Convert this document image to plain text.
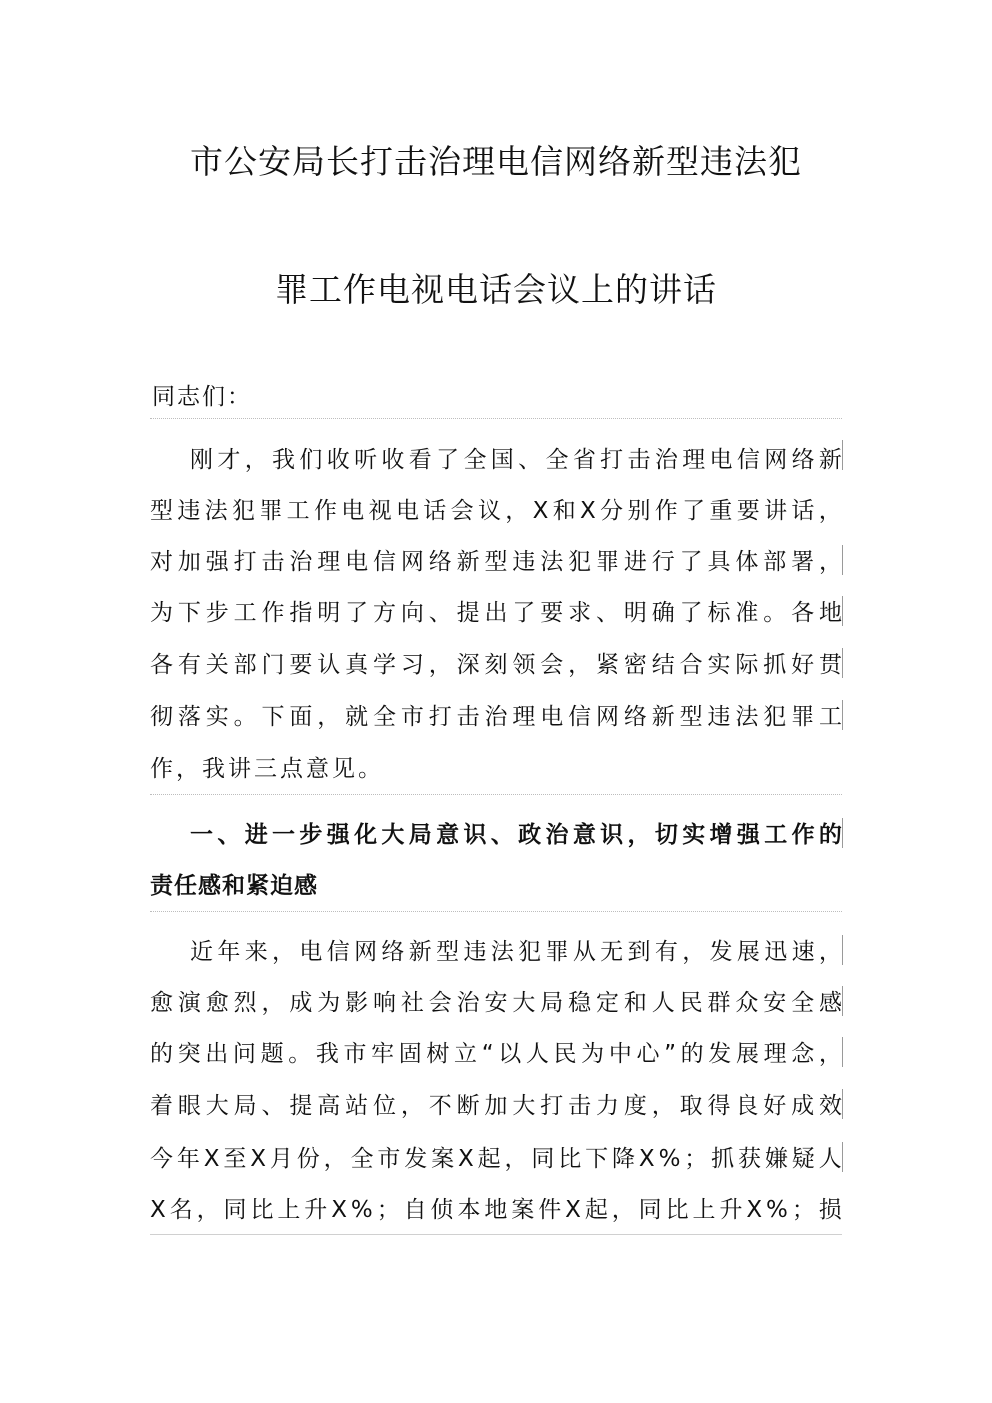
市公安局长打击治理电信网络新型违法犯
罪工作电视电话会议上的讲话
同志们：
刚 才 ， 我 们 收 听 收 看 了 全 国 、 全 省 打 击 治 理 电 信 网 络 新
型 违 法 犯 罪 工 作 电 视 电 话 会 议 ， X 和 X 分 别 作 了 重 要 讲 话 ，
对 加 强 打 击 治 理 电 信 网 络 新 型 违 法 犯 罪 进 行 了 具 体 部 署 ，
为 下 步 工 作 指 明 了 方 向 、 提 出 了 要 求 、 明 确 了 标 准 。 各 地
各 有 关 部 门 要 认 真 学 习 ， 深 刻 领 会 ， 紧 密 结 合 实 际 抓 好 贯
彻 落 实 。 下 面 ， 就 全 市 打 击 治 理 电 信 网 络 新 型 违 法 犯 罪 工
作，我讲三点意见。
一 、 进 一 步 强 化 大 局 意 识 、 政 治 意 识 ， 切 实 增 强 工 作 的
责任感和紧迫感
近 年 来 ， 电 信 网 络 新 型 违 法 犯 罪 从 无 到 有 ， 发 展 迅 速 ，
愈 演 愈 烈 ， 成 为 影 响 社 会 治 安 大 局 稳 定 和 人 民 群 众 安 全 感
的 突 出 问 题 。 我 市 牢 固 树 立 “ 以 人 民 为 中 心 ” 的 发 展 理 念 ，
着 眼 大 局 、 提 高 站 位 ， 不 断 加 大 打 击 力 度 ， 取 得 良 好 成 效
今 年 X 至 X 月 份 ， 全 市 发 案 X 起 ， 同 比 下 降 X % ； 抓 获 嫌 疑 人
X 名 ， 同 比 上 升 X % ； 自 侦 本 地 案 件 X 起 ， 同 比 上 升 X % ； 损
